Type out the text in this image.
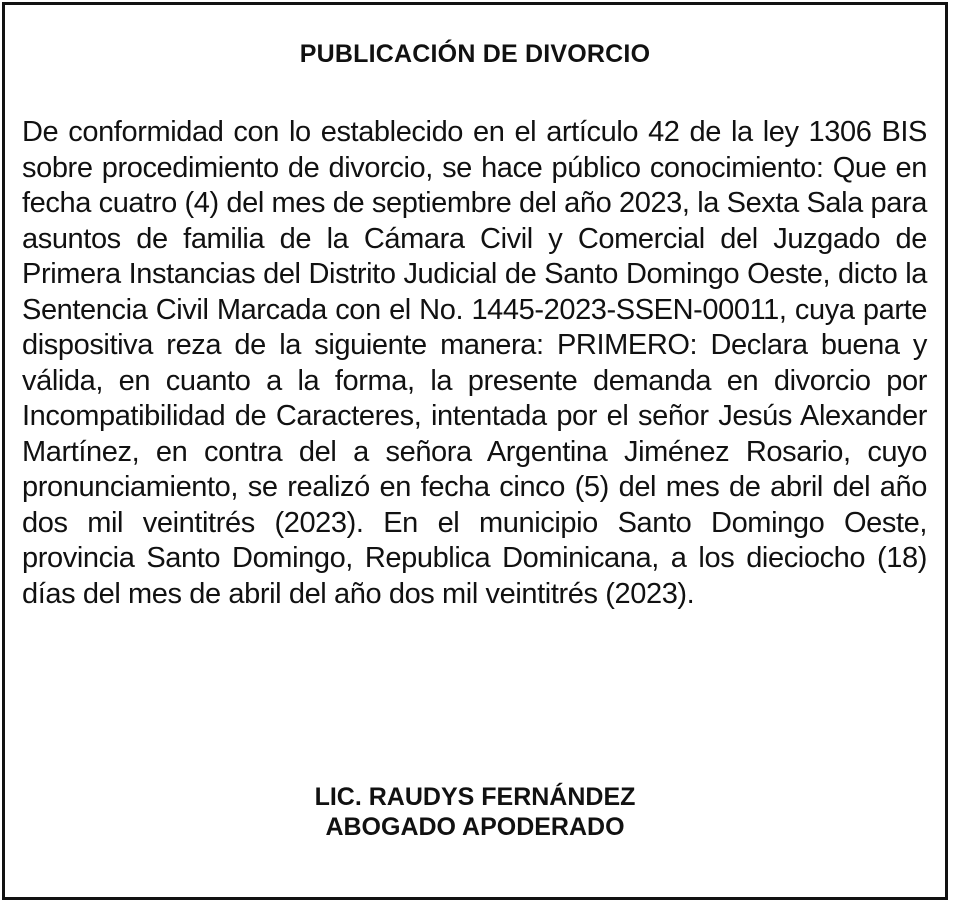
PUBLICACIÓN DE DIVORCIO

De conformidad con lo establecido en el artículo 42 de la ley 1306 BIS sobre procedimiento de divorcio, se hace público conocimiento: Que en fecha cuatro (4) del mes de septiembre del año 2023, la Sexta Sala para asuntos de familia de la Cámara Civil y Comercial del Juzgado de Primera Instancias del Distrito Judicial de Santo Domingo Oeste, dicto la Sentencia Civil Marcada con el No. 1445-2023-SSEN-00011, cuya parte dispositiva reza de la siguiente manera: PRIMERO: Declara buena y válida, en cuanto a la forma, la presente demanda en divorcio por Incompatibilidad de Caracteres, intentada por el señor Jesús Alexander Martínez, en contra del a señora Argentina Jiménez Rosario, cuyo pronunciamiento, se realizó en fecha cinco (5) del mes de abril del año dos mil veintitrés (2023). En el municipio Santo Domingo Oeste, provincia Santo Domingo, Republica Dominicana, a los dieciocho (18) días del mes de abril del año dos mil veintitrés (2023).

LIC. RAUDYS FERNÁNDEZ
ABOGADO APODERADO
